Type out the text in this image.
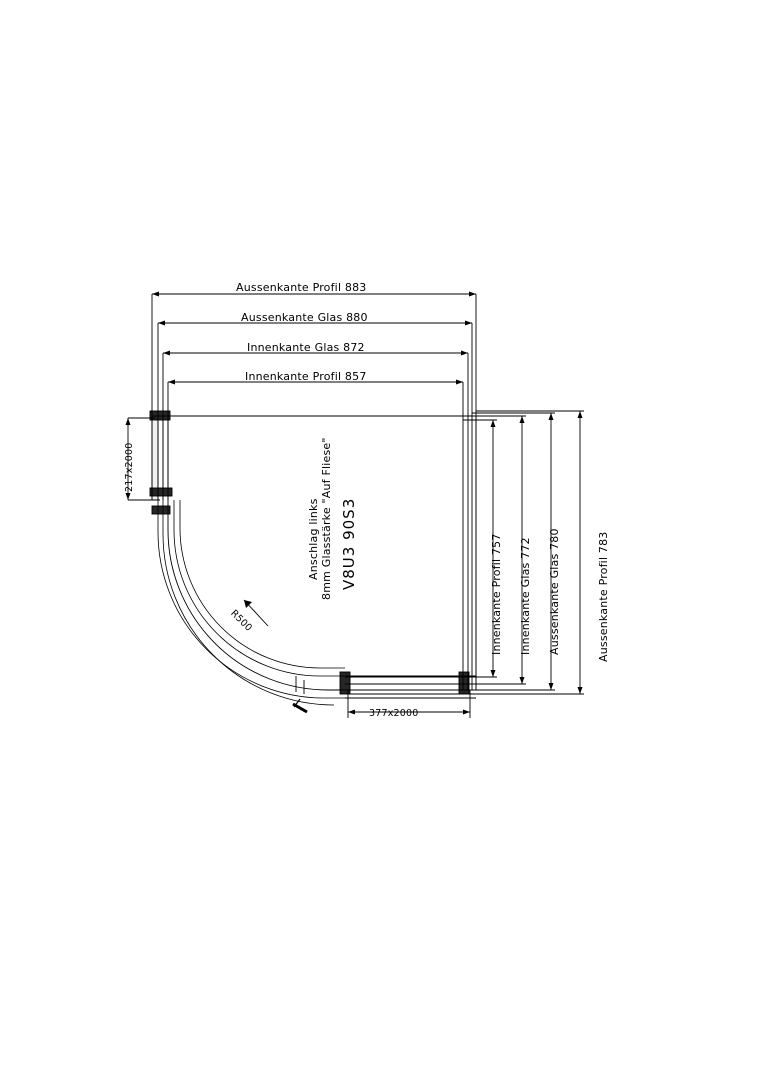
Aussenkante Profil 883
Aussenkante Glas 880
Innenkante Glas 872
Innenkante Profil 857
Innenkante Profil 757 Innenkante Glas 772 Aussenkante Glas 780	Aussenkante Profil 783
217x2000
377x2000
R500
V8U3 90S3
8mm Glasstärke "Auf Fliese"
Anschlag links
